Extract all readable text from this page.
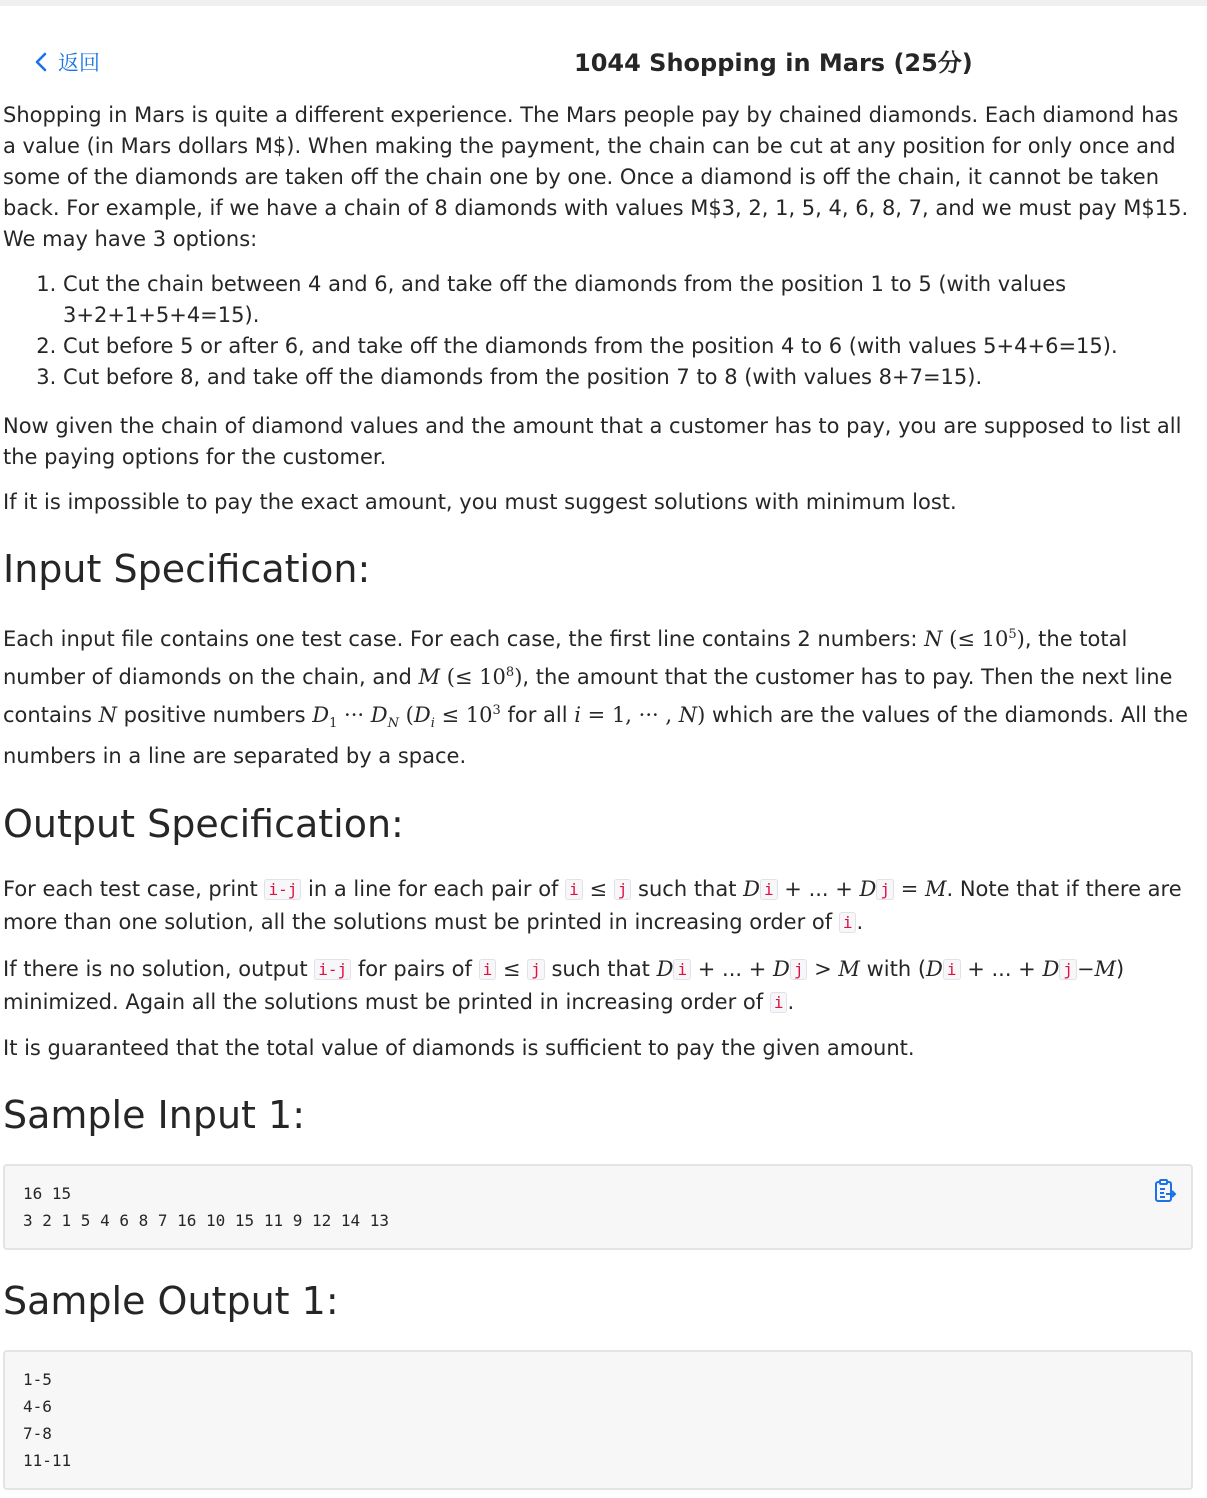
返回	1044 Shopping in Mars (25分)

Shopping in Mars is quite a different experience. The Mars people pay by chained diamonds. Each diamond has a value (in Mars dollars M$). When making the payment, the chain can be cut at any position for only once and some of the diamonds are taken off the chain one by one. Once a diamond is off the chain, it cannot be taken back. For example, if we have a chain of 8 diamonds with values M$3, 2, 1, 5, 4, 6, 8, 7, and we must pay M$15. We may have 3 options:

1. Cut the chain between 4 and 6, and take off the diamonds from the position 1 to 5 (with values 3+2+1+5+4=15).
2. Cut before 5 or after 6, and take off the diamonds from the position 4 to 6 (with values 5+4+6=15).
3. Cut before 8, and take off the diamonds from the position 7 to 8 (with values 8+7=15).

Now given the chain of diamond values and the amount that a customer has to pay, you are supposed to list all the paying options for the customer.

If it is impossible to pay the exact amount, you must suggest solutions with minimum lost.

Input Specification:

Each input file contains one test case. For each case, the first line contains 2 numbers: N (≤ $10^5$), the total number of diamonds on the chain, and M (≤ $10^8$), the amount that the customer has to pay. Then the next line contains N positive numbers $D_1$ ··· $D_N$ ($D_i \le 10^3$ for all i = 1, ··· , N) which are the values of the diamonds. All the numbers in a line are separated by a space.

Output Specification:

For each test case, print i-j in a line for each pair of i ≤ j such that D i + ... + D j = M. Note that if there are more than one solution, all the solutions must be printed in increasing order of i .

If there is no solution, output i-j for pairs of i ≤ j such that D i + ... + D j > M with (D i + ... + D j −M) minimized. Again all the solutions must be printed in increasing order of i .

It is guaranteed that the total value of diamonds is sufficient to pay the given amount.

Sample Input 1:
16 15
3 2 1 5 4 6 8 7 16 10 15 11 9 12 14 13
Sample Output 1:
1-5
4-6
7-8
11-11
